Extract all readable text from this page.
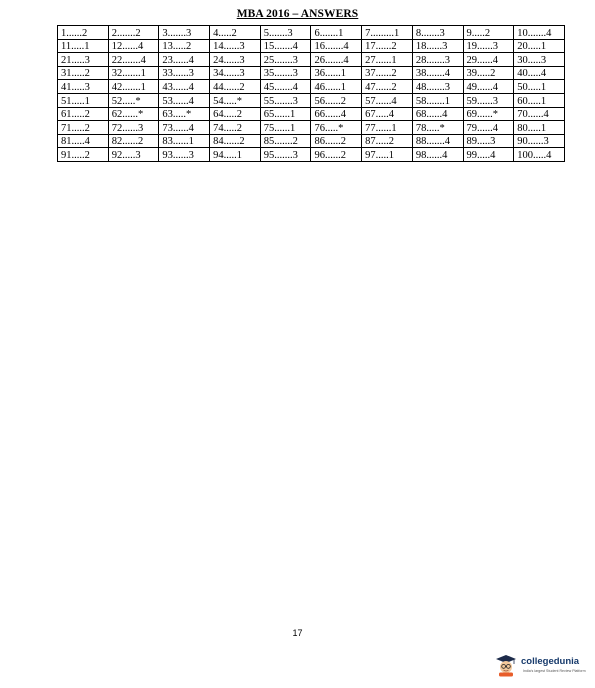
MBA 2016 – ANSWERS
1......2	2.......2	3.......3	4.....2	5.......3	6.......1	7.........1	8.......3	9.....2	10.......4
11.....1	12......4	13.....2	14......3	15.......4	16.......4	17......2	18......3	19......3	20.....1
21.....3	22.......4	23......4	24......3	25.......3	26.......4	27......1	28.......3	29......4	30.....3
31.....2	32.......1	33......3	34......3	35.......3	36......1	37......2	38.......4	39.....2	40.....4
41.....3	42.......1	43......4	44......2	45.......4	46......1	47......2	48.......3	49......4	50.....1
51.....1	52.....*	53......4	54.....*	55.......3	56......2	57......4	58.......1	59......3	60.....1
61.....2	62......*	63.....*	64.....2	65......1	66......4	67.....4	68......4	69......*	70......4
71.....2	72......3	73......4	74.....2	75......1	76.....*	77......1	78.....*	79......4	80.....1
81.....4	82......2	83......1	84......2	85.......2	86......2	87.....2	88.......4	89.....3	90......3
91.....2	92.....3	93......3	94.....1	95.......3	96......2	97.....1	98......4	99.....4	100.....4
17
collegedunia
India's largest Student Review Platform
